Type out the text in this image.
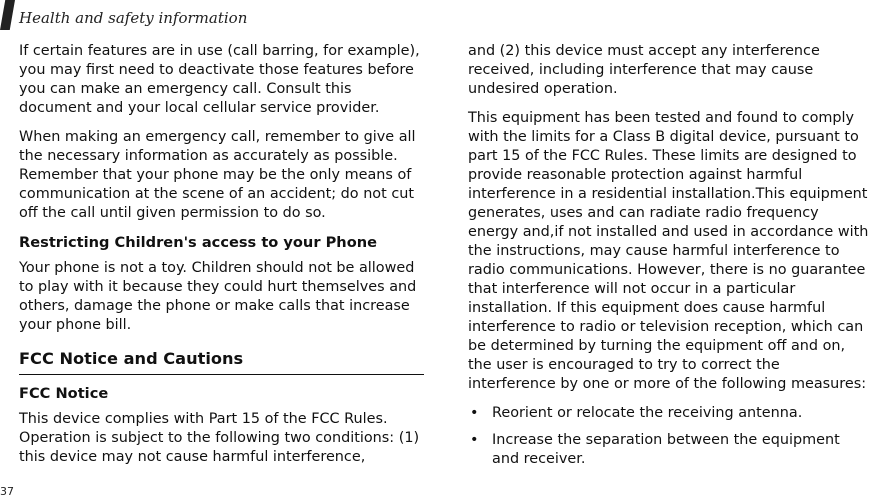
Health and safety information

If certain features are in use (call barring, for example), you may first need to deactivate those features before you can make an emergency call. Consult this document and your local cellular service provider.

When making an emergency call, remember to give all the necessary information as accurately as possible. Remember that your phone may be the only means of communication at the scene of an accident; do not cut off the call until given permission to do so.

Restricting Children's access to your Phone

Your phone is not a toy. Children should not be allowed to play with it because they could hurt themselves and others, damage the phone or make calls that increase your phone bill.

FCC Notice and Cautions
FCC Notice

This device complies with Part 15 of the FCC Rules. Operation is subject to the following two conditions: (1) this device may not cause harmful interference,

and (2) this device must accept any interference received, including interference that may cause undesired operation.

This equipment has been tested and found to comply with the limits for a Class B digital device, pursuant to part 15 of the FCC Rules. These limits are designed to provide reasonable protection against harmful interference in a residential installation.This equipment generates, uses and can radiate radio frequency energy and,if not installed and used in accordance with the instructions, may cause harmful interference to radio communications. However, there is no guarantee that interference will not occur in a particular installation. If this equipment does cause harmful interference to radio or television reception, which can be determined by turning the equipment off and on, the user is encouraged to try to correct the interference by one or more of the following measures:

• Reorient or relocate the receiving antenna.
• Increase the separation between the equipment and receiver.
37
